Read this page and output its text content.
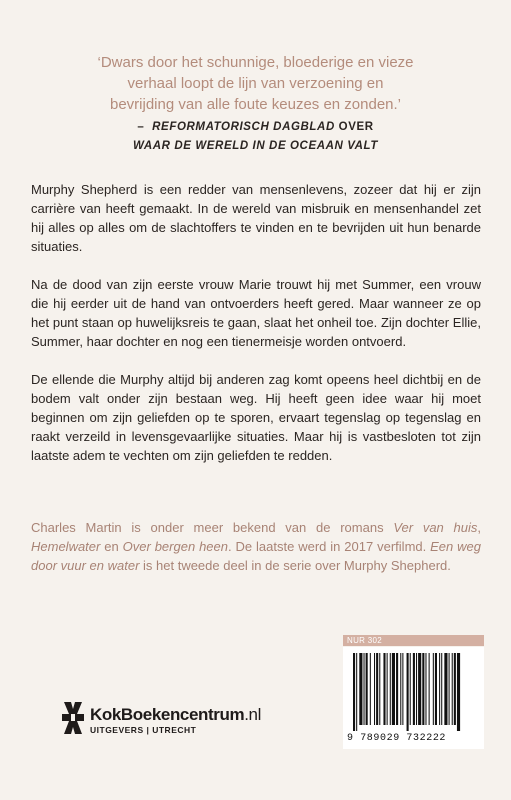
‘Dwars door het schunnige, bloederige en vieze
verhaal loopt de lijn van verzoening en
bevrijding van alle foute keuzes en zonden.’
– REFORMATORISCH DAGBLAD OVER
WAAR DE WERELD IN DE OCEAAN VALT

Murphy Shepherd is een redder van mensenlevens, zozeer dat hij er zijn carrière van heeft gemaakt. In de wereld van misbruik en mensenhandel zet hij alles op alles om de slachtoffers te vinden en te bevrijden uit hun benarde situaties.

Na de dood van zijn eerste vrouw Marie trouwt hij met Summer, een vrouw die hij eerder uit de hand van ontvoerders heeft gered. Maar wanneer ze op het punt staan op huwelijksreis te gaan, slaat het onheil toe. Zijn dochter Ellie, Summer, haar dochter en nog een tienermeisje worden ontvoerd.

De ellende die Murphy altijd bij anderen zag komt opeens heel dichtbij en de bodem valt onder zijn bestaan weg. Hij heeft geen idee waar hij moet beginnen om zijn geliefden op te sporen, ervaart tegenslag op tegenslag en raakt verzeild in levensgevaarlijke situaties. Maar hij is vastbesloten tot zijn laatste adem te vechten om zijn geliefden te redden.

Charles Martin is onder meer bekend van de romans Ver van huis, Hemelwater en Over bergen heen. De laatste werd in 2017 verfilmd. Een weg door vuur en water is het tweede deel in de serie over Murphy Shepherd.

NUR 302
9 789029 732222
KokBoekencentrum.nl
UITGEVERS | UTRECHT
